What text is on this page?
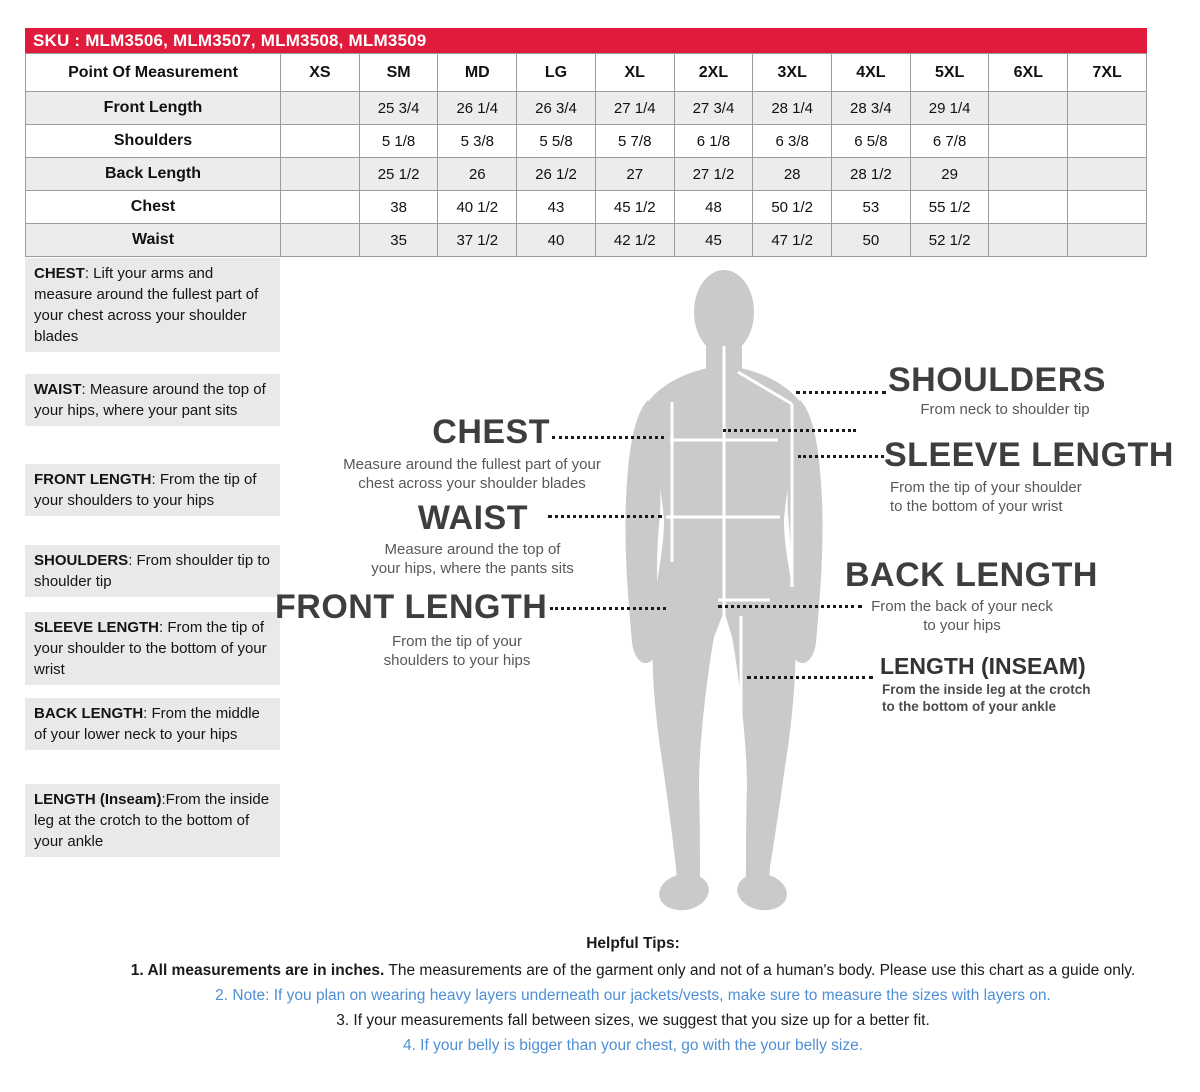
SKU : MLM3506, MLM3507, MLM3508, MLM3509
Point Of Measurement	XS	SM	MD	LG	XL	2XL	3XL	4XL	5XL	6XL	7XL
Front Length		25 3/4	26 1/4	26 3/4	27 1/4	27 3/4	28 1/4	28 3/4	29 1/4		
Shoulders		5 1/8	5 3/8	5 5/8	5 7/8	6 1/8	6 3/8	6 5/8	6 7/8		
Back Length		25 1/2	26	26 1/2	27	27 1/2	28	28 1/2	29		
Chest		38	40 1/2	43	45 1/2	48	50 1/2	53	55 1/2		
Waist		35	37 1/2	40	42 1/2	45	47 1/2	50	52 1/2		
CHEST: Lift your arms and measure around the fullest part of your chest across your shoulder blades
WAIST: Measure around the top of your hips, where your pant sits
FRONT LENGTH: From the tip of your shoulders to your hips
SHOULDERS: From shoulder tip to shoulder tip
SLEEVE LENGTH: From the tip of your shoulder to the bottom of your wrist
BACK LENGTH: From the middle of your lower neck to your hips
LENGTH (Inseam):From the inside leg at the crotch to the bottom of your ankle
CHEST
Measure around the fullest part of your
chest across your shoulder blades
WAIST
Measure around the top of
your hips, where the pants sits
FRONT LENGTH
From the tip of your
shoulders to your hips
SHOULDERS
From neck to shoulder tip
SLEEVE LENGTH
From the tip of your shoulder
to the bottom of your wrist
BACK LENGTH
From the back of your neck
to your hips
LENGTH (INSEAM)
From the inside leg at the crotch
to the bottom of your ankle
Helpful Tips:
1. All measurements are in inches. The measurements are of the garment only and not of a human's body. Please use this chart as a guide only.
2. Note: If you plan on wearing heavy layers underneath our jackets/vests, make sure to measure the sizes with layers on.
3. If your measurements fall between sizes, we suggest that you size up for a better fit.
4. If your belly is bigger than your chest, go with the your belly size.
